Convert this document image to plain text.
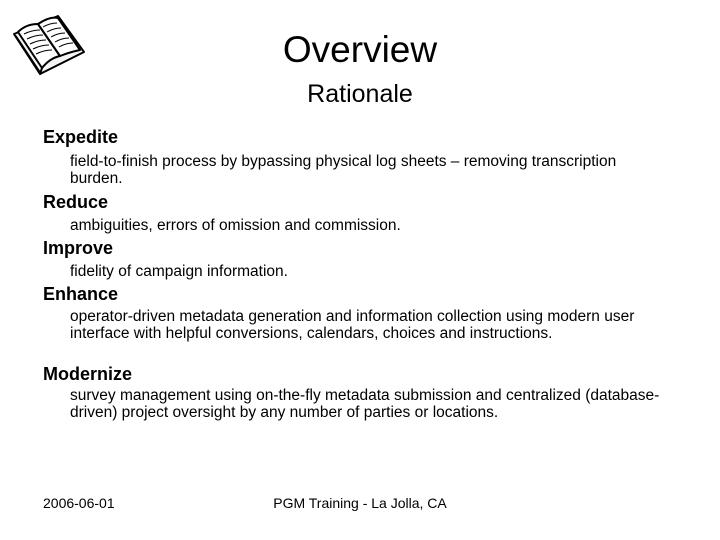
Overview
Rationale
Expedite
field-to-finish process by bypassing physical log sheets – removing transcription burden.
Reduce
ambiguities, errors of omission and commission.
Improve
fidelity of campaign information.
Enhance
operator-driven metadata generation and information collection using modern user interface with helpful conversions, calendars, choices and instructions.
Modernize
survey management using on-the-fly metadata submission and centralized (database-driven) project oversight by any number of parties or locations.
2006-06-01	PGM Training - La Jolla, CA
